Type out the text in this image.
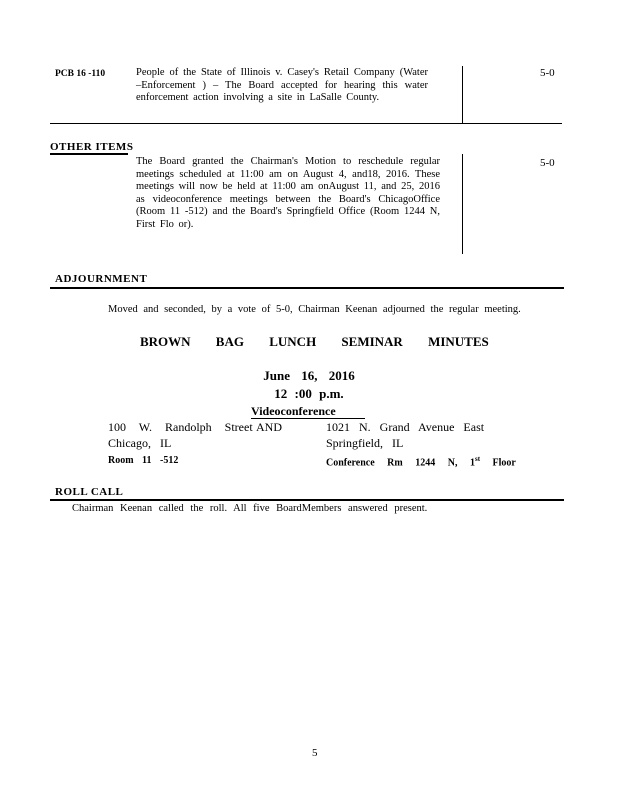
PCB 16 -110	People of the State of Illinois v. Casey's Retail Company (Water –Enforcement ) – The Board accepted for hearing this water enforcement action involving a site in LaSalle County.
5-0
OTHER ITEMS
The Board granted the Chairman's Motion to reschedule regular meetings scheduled at 11:00 am on August 4, and18, 2016. These meetings will now be held at 11:00 am onAugust 11, and 25, 2016 as videoconference meetings between the Board's ChicagoOffice (Room 11 -512) and the Board's Springfield Office (Room 1244 N, First Flo or).
5-0
ADJOURNMENT
Moved and seconded, by a vote of 5-0, Chairman Keenan adjourned the regular meeting.
BROWN BAG LUNCH SEMINAR MINUTES
June 16, 2016
12 :00 p.m.
Videoconference
100 W. Randolph Street AND	1021 N. Grand Avenue East
Chicago, IL	Springfield, IL
Room 11 -512	Conference Rm 1244 N, 1st Floor
ROLL CALL
Chairman Keenan called the roll. All five BoardMembers answered present.
5
